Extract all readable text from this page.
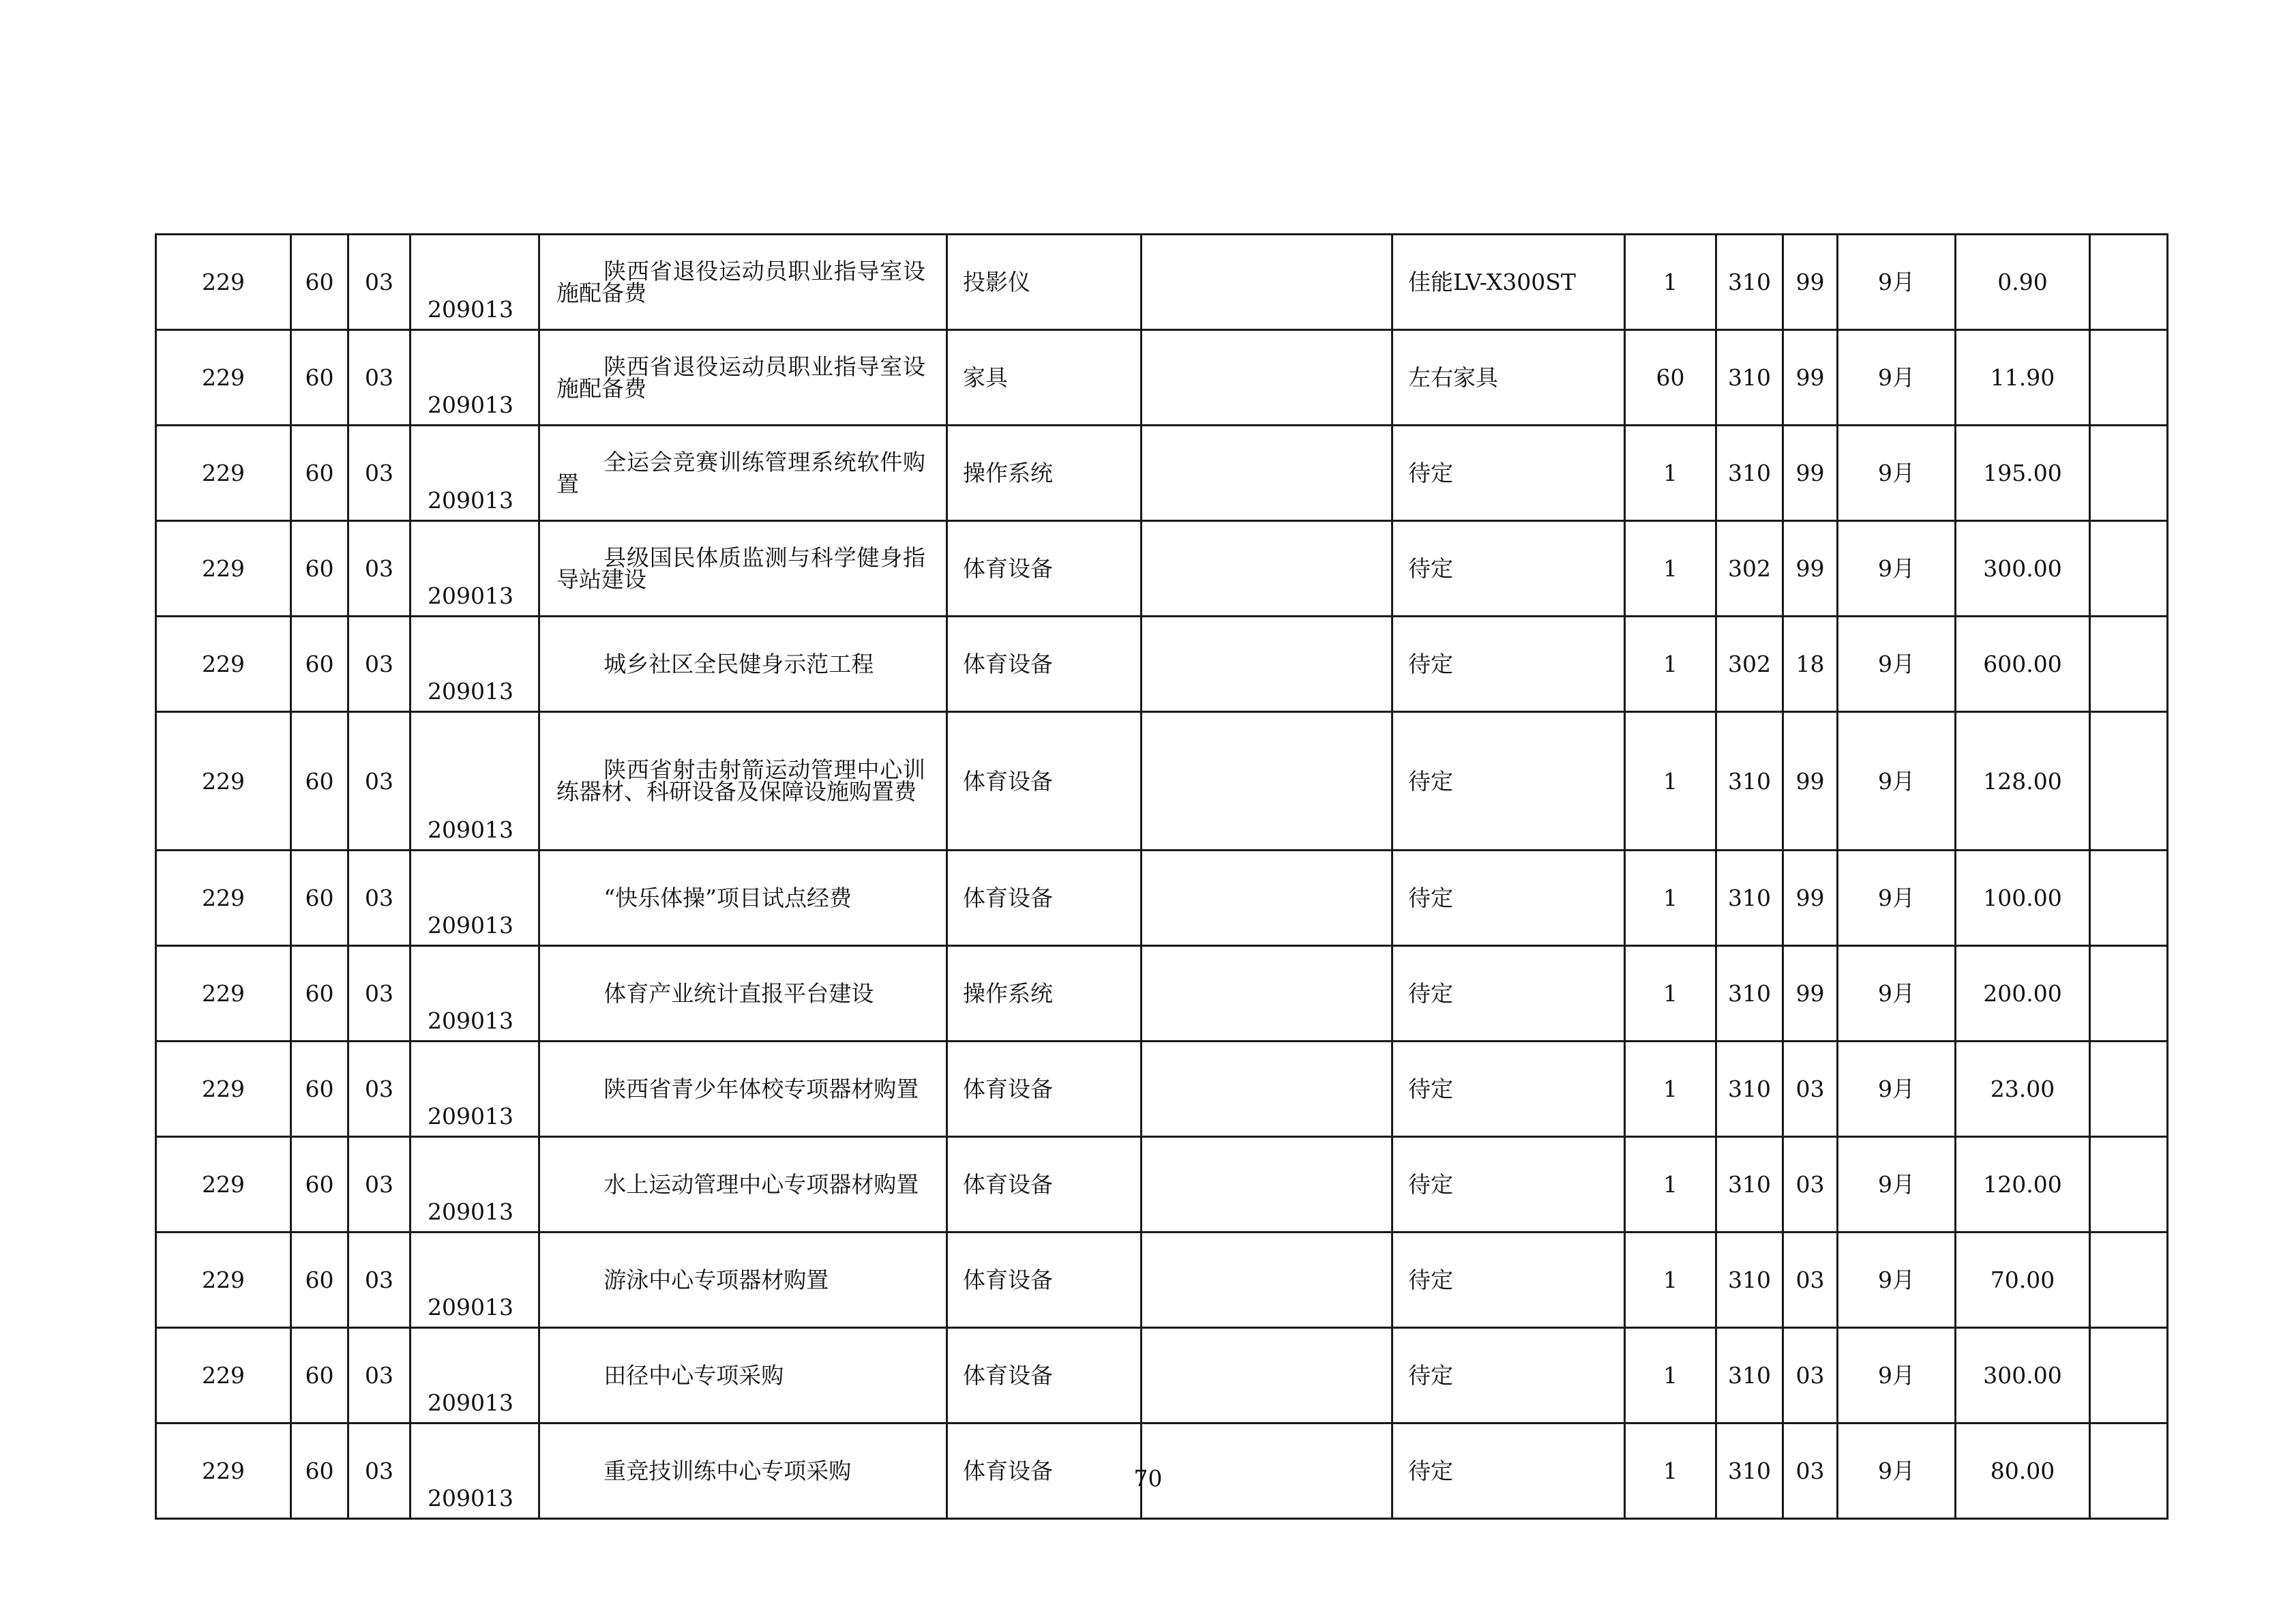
229	60	03	209013	陕西省退役运动员职业指导室设施配备费	投影仪		佳能LV-X300ST	1	310	99	9月	0.90	
229	60	03	209013	陕西省退役运动员职业指导室设施配备费	家具		左右家具	60	310	99	9月	11.90	
229	60	03	209013	全运会竞赛训练管理系统软件购置	操作系统		待定	1	310	99	9月	195.00	
229	60	03	209013	县级国民体质监测与科学健身指导站建设	体育设备		待定	1	302	99	9月	300.00	
229	60	03	209013	城乡社区全民健身示范工程	体育设备		待定	1	302	18	9月	600.00	
229	60	03	209013	陕西省射击射箭运动管理中心训练器材、科研设备及保障设施购置费	体育设备		待定	1	310	99	9月	128.00	
229	60	03	209013	“快乐体操”项目试点经费	体育设备		待定	1	310	99	9月	100.00	
229	60	03	209013	体育产业统计直报平台建设	操作系统		待定	1	310	99	9月	200.00	
229	60	03	209013	陕西省青少年体校专项器材购置	体育设备		待定	1	310	03	9月	23.00	
229	60	03	209013	水上运动管理中心专项器材购置	体育设备		待定	1	310	03	9月	120.00	
229	60	03	209013	游泳中心专项器材购置	体育设备		待定	1	310	03	9月	70.00	
229	60	03	209013	田径中心专项采购	体育设备		待定	1	310	03	9月	300.00	
229	60	03	209013	重竞技训练中心专项采购	体育设备		待定	1	310	03	9月	80.00	
70
